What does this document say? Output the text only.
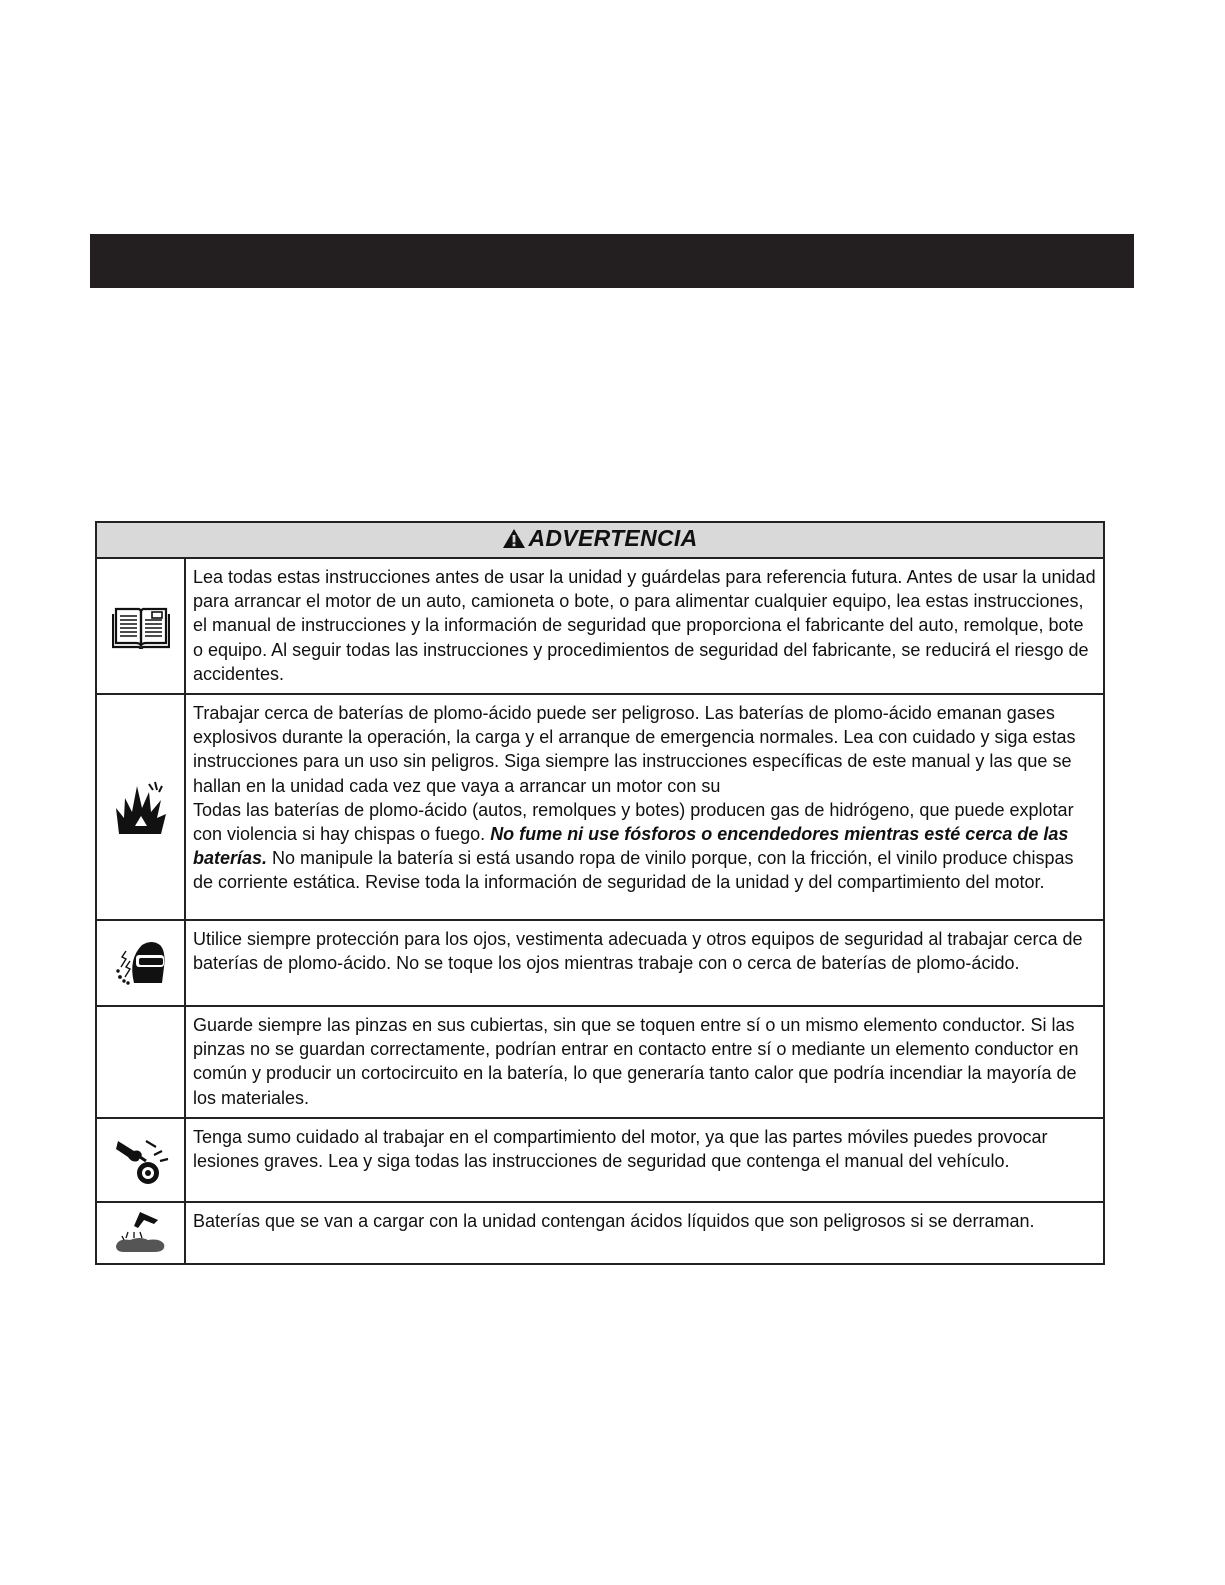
ADVERTENCIA	

	Lea todas estas instrucciones antes de usar la unidad y guárdelas para referencia futura. Antes de usar la unidad para arrancar el motor de un auto, camioneta o bote, o para alimentar cualquier equipo, lea estas instrucciones, el manual de instrucciones y la información de seguridad que proporciona el fabricante del auto, remolque, bote o equipo. Al seguir todas las instrucciones y procedimientos de seguridad del fabricante, se reducirá el riesgo de accidentes.

	Trabajar cerca de baterías de plomo-ácido puede ser peligroso. Las baterías de plomo-ácido emanan gases explosivos durante la operación, la carga y el arranque de emergencia normales. Lea con cuidado y siga estas instrucciones para un uso sin peligros. Siga siempre las instrucciones específicas de este manual y las que se hallan en la unidad cada vez que vaya a arrancar un motor con su
Todas las baterías de plomo-ácido (autos, remolques y botes) producen gas de hidrógeno, que puede explotar con violencia si hay chispas o fuego. No fume ni use fósforos o encendedores mientras esté cerca de las baterías. No manipule la batería si está usando ropa de vinilo porque, con la fricción, el vinilo produce chispas de corriente estática. Revise toda la información de seguridad de la unidad y del compartimiento del motor.

	Utilice siempre protección para los ojos, vestimenta adecuada y otros equipos de seguridad al trabajar cerca de baterías de plomo-ácido. No se toque los ojos mientras trabaje con o cerca de baterías de plomo-ácido.
	Guarde siempre las pinzas en sus cubiertas, sin que se toquen entre sí o un mismo elemento conductor. Si las pinzas no se guardan correctamente, podrían entrar en contacto entre sí o mediante un elemento conductor en común y producir un cortocircuito en la batería, lo que generaría tanto calor que podría incendiar la mayoría de los materiales.

	Tenga sumo cuidado al trabajar en el compartimiento del motor, ya que las partes móviles puedes provocar lesiones graves. Lea y siga todas las instrucciones de seguridad que contenga el manual del vehículo.

	Baterías que se van a cargar con la unidad contengan ácidos líquidos que son peligrosos si se derraman.
